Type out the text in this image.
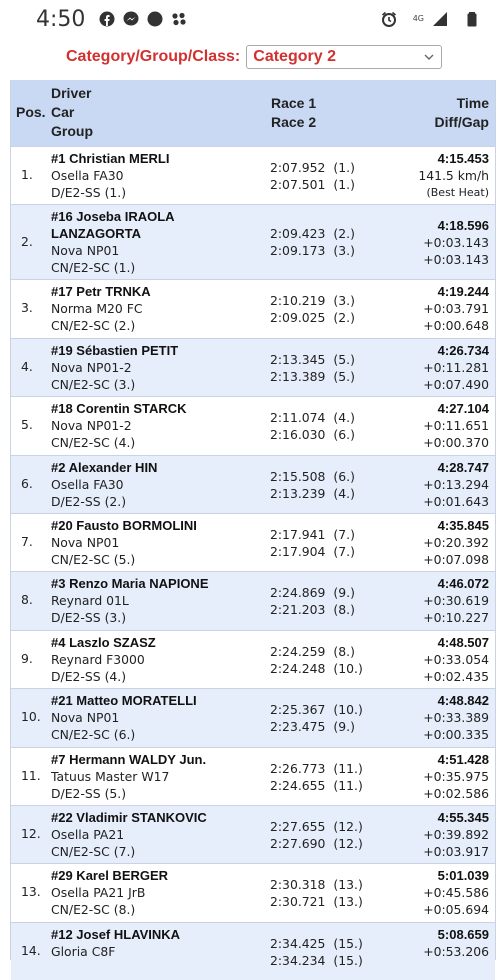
4:50	4G
Category/Group/Class: Category 2
Pos.
Driver
Car
Group
Race 1
Race 2
Time
Diff/Gap
1.
#1 Christian MERLI
Osella FA30
D/E2-SS (1.)
2:07.952 (1.)
2:07.501 (1.)
4:15.453
141.5 km/h
(Best Heat)
2.
#16 Joseba IRAOLA
LANZAGORTA
Nova NP01
CN/E2-SC (1.)
2:09.423 (2.)
2:09.173 (3.)
4:18.596
+0:03.143
+0:03.143
3.
#17 Petr TRNKA
Norma M20 FC
CN/E2-SC (2.)
2:10.219 (3.)
2:09.025 (2.)
4:19.244
+0:03.791
+0:00.648
4.
#19 Sébastien PETIT
Nova NP01-2
CN/E2-SC (3.)
2:13.345 (5.)
2:13.389 (5.)
4:26.734
+0:11.281
+0:07.490
5.
#18 Corentin STARCK
Nova NP01-2
CN/E2-SC (4.)
2:11.074 (4.)
2:16.030 (6.)
4:27.104
+0:11.651
+0:00.370
6.
#2 Alexander HIN
Osella FA30
D/E2-SS (2.)
2:15.508 (6.)
2:13.239 (4.)
4:28.747
+0:13.294
+0:01.643
7.
#20 Fausto BORMOLINI
Nova NP01
CN/E2-SC (5.)
2:17.941 (7.)
2:17.904 (7.)
4:35.845
+0:20.392
+0:07.098
8.
#3 Renzo Maria NAPIONE
Reynard 01L
D/E2-SS (3.)
2:24.869 (9.)
2:21.203 (8.)
4:46.072
+0:30.619
+0:10.227
9.
#4 Laszlo SZASZ
Reynard F3000
D/E2-SS (4.)
2:24.259 (8.)
2:24.248 (10.)
4:48.507
+0:33.054
+0:02.435
10.
#21 Matteo MORATELLI
Nova NP01
CN/E2-SC (6.)
2:25.367 (10.)
2:23.475 (9.)
4:48.842
+0:33.389
+0:00.335
11.
#7 Hermann WALDY Jun.
Tatuus Master W17
D/E2-SS (5.)
2:26.773 (11.)
2:24.655 (11.)
4:51.428
+0:35.975
+0:02.586
12.
#22 Vladimir STANKOVIC
Osella PA21
CN/E2-SC (7.)
2:27.655 (12.)
2:27.690 (12.)
4:55.345
+0:39.892
+0:03.917
13.
#29 Karel BERGER
Osella PA21 JrB
CN/E2-SC (8.)
2:30.318 (13.)
2:30.721 (13.)
5:01.039
+0:45.586
+0:05.694
14.
#12 Josef HLAVINKA
Gloria C8F
2:34.425 (15.)
2:34.234 (15.)
5:08.659
+0:53.206
